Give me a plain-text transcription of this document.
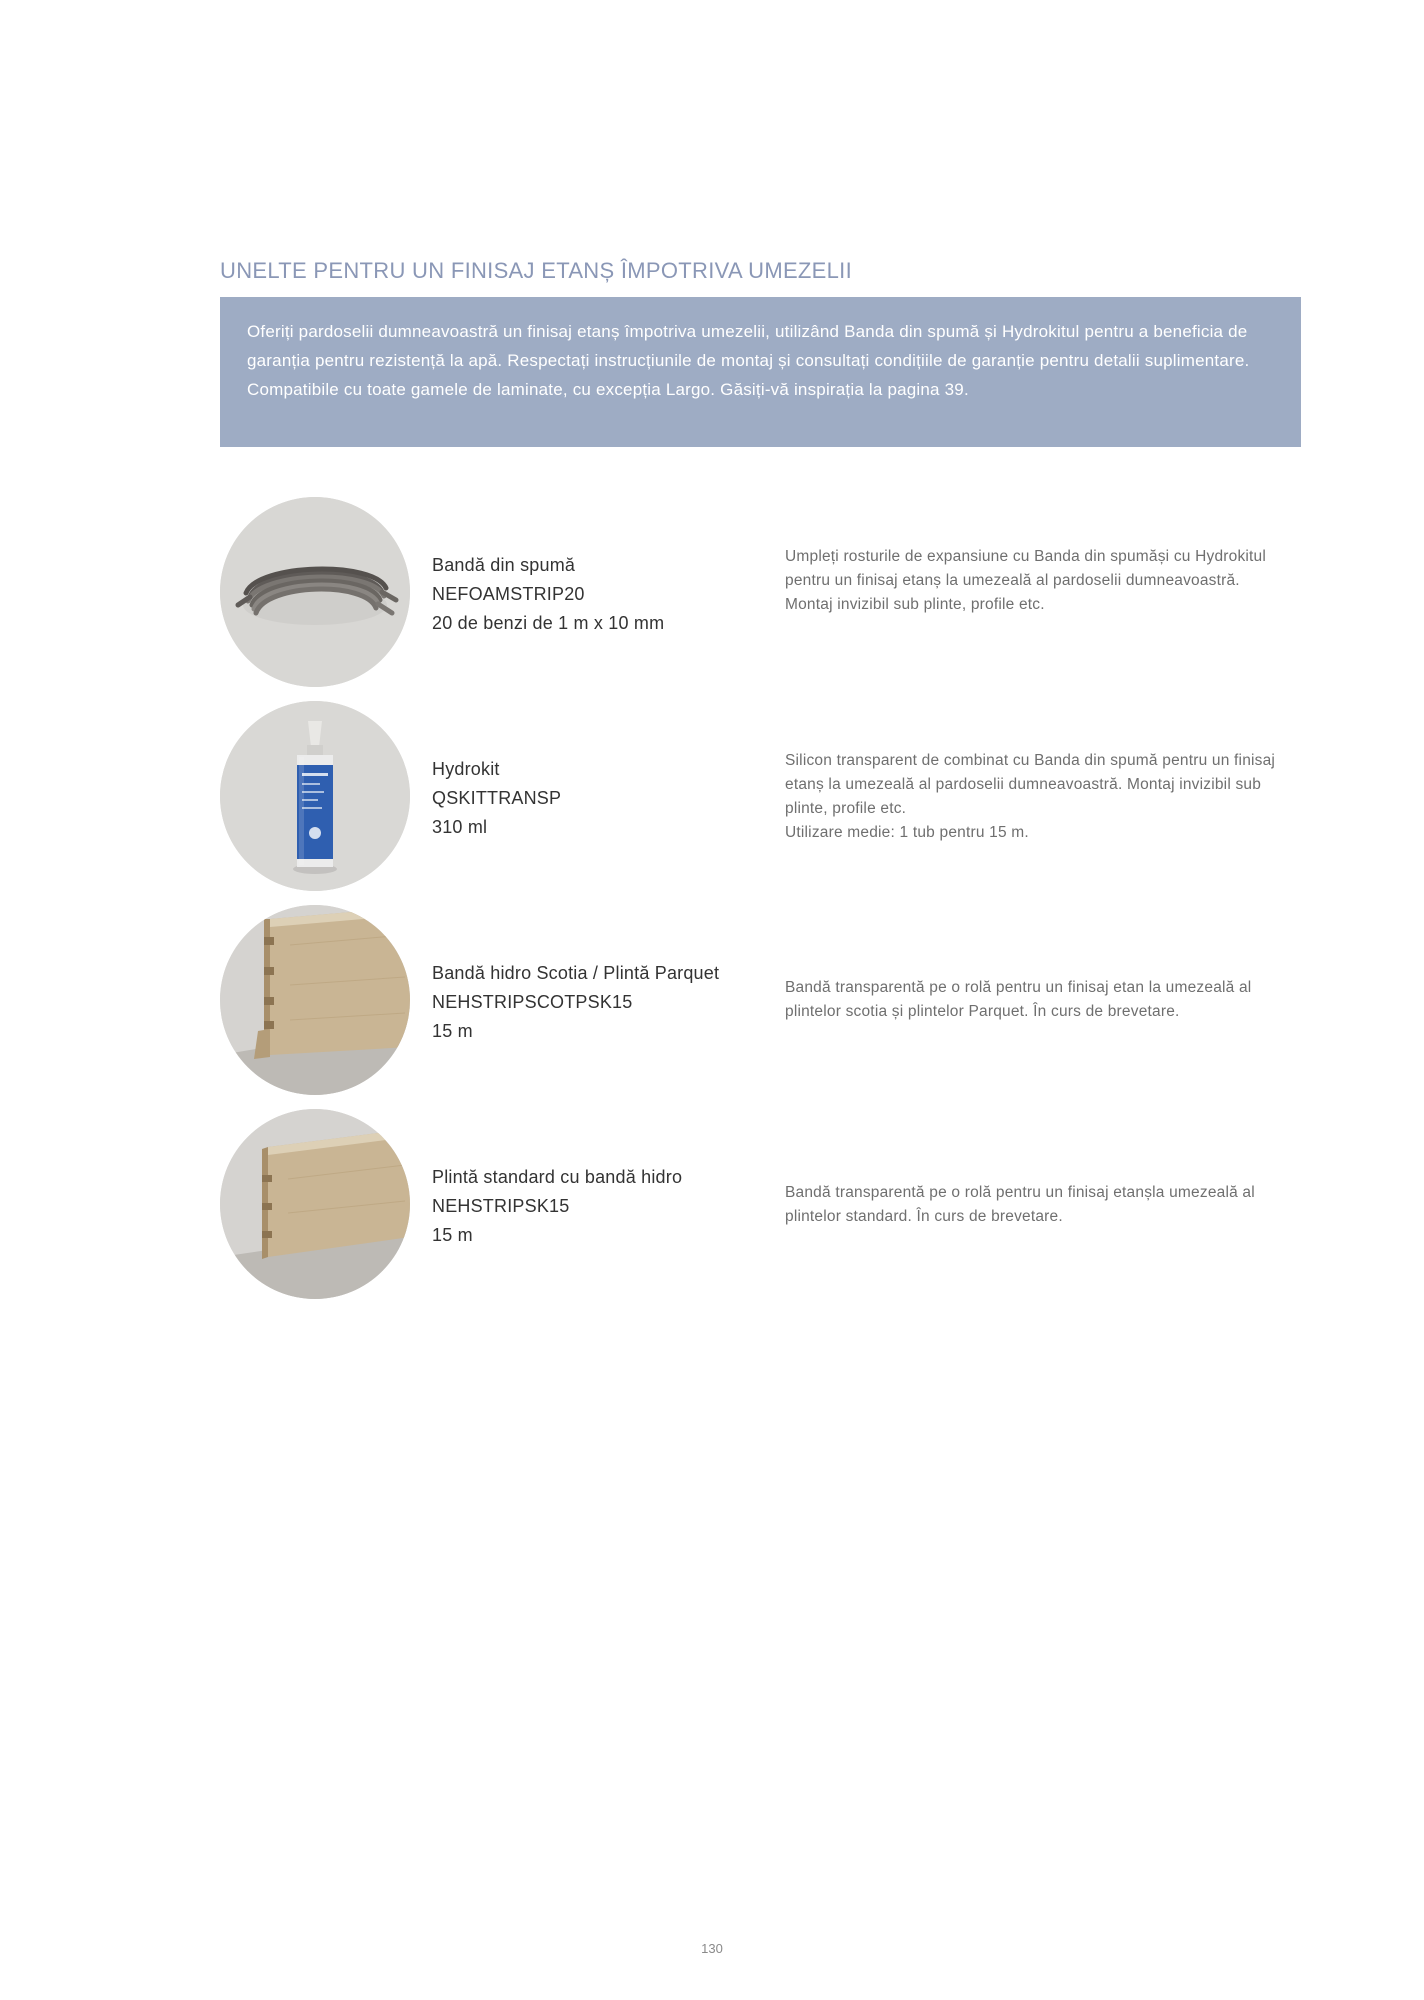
UNELTE PENTRU UN FINISAJ ETANȘ ÎMPOTRIVA UMEZELII
Oferiți pardoselii dumneavoastră un finisaj etanș împotriva umezelii, utilizând Banda din spumă și Hydrokitul pentru a beneficia de garanția pentru rezistență la apă. Respectați instrucțiunile de montaj și consultați condițiile de garanție pentru detalii suplimentare. Compatibile cu toate gamele de laminate, cu excepția Largo. Găsiți-vă inspirația la pagina 39.
Bandă din spumă
NEFOAMSTRIP20
20 de benzi de 1 m x 10 mm

Umpleți rosturile de expansiune cu Banda din spumăși cu Hydrokitul pentru un finisaj etanș la umezeală al pardoselii dumneavoastră.

Montaj invizibil sub plinte, profile etc.

Hydrokit
QSKITTRANSP
310 ml

Silicon transparent de combinat cu Banda din spumă pentru un finisaj etanș la umezeală al pardoselii dumneavoastră. Montaj invizibil sub plinte, profile etc.

Utilizare medie: 1 tub pentru 15 m.

Bandă hidro Scotia / Plintă Parquet
NEHSTRIPSCOTPSK15
15 m

Bandă transparentă pe o rolă pentru un finisaj etan la umezeală al plintelor scotia și plintelor Parquet. În curs de brevetare.

Plintă standard cu bandă hidro
NEHSTRIPSK15
15 m

Bandă transparentă pe o rolă pentru un finisaj etanșla umezeală al plintelor standard. În curs de brevetare.

130
